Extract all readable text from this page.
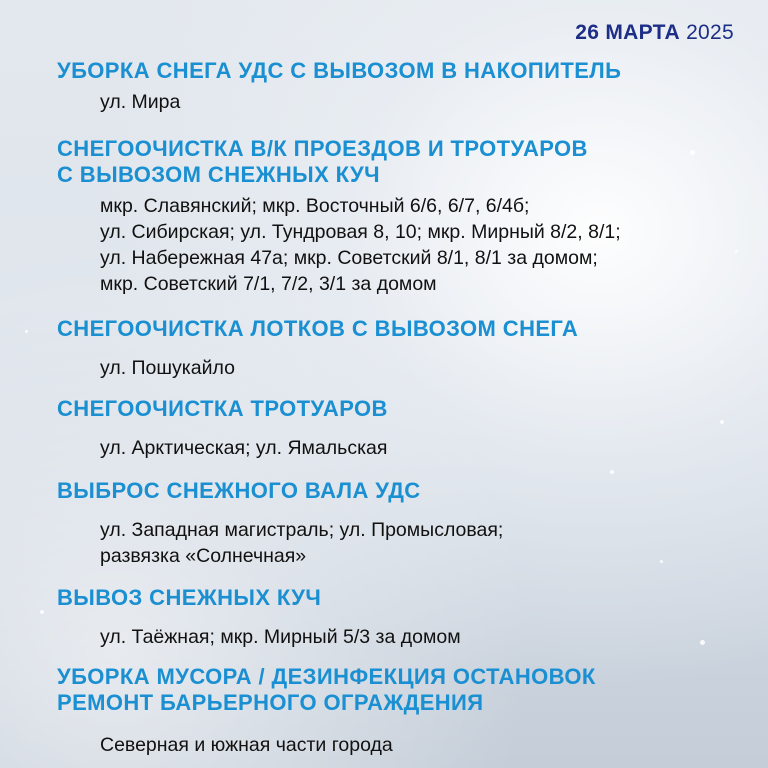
26 МАРТА 2025
УБОРКА СНЕГА УДС С ВЫВОЗОМ В НАКОПИТЕЛЬ
ул. Мира
СНЕГООЧИСТКА В/К ПРОЕЗДОВ И ТРОТУАРОВ
С ВЫВОЗОМ СНЕЖНЫХ КУЧ
мкр. Славянский; мкр. Восточный 6/6, 6/7, 6/4б;
ул. Сибирская; ул. Тундровая 8, 10; мкр. Мирный 8/2, 8/1;
ул. Набережная 47а; мкр. Советский 8/1, 8/1 за домом;
мкр. Советский 7/1, 7/2, 3/1 за домом
СНЕГООЧИСТКА ЛОТКОВ С ВЫВОЗОМ СНЕГА
ул. Пошукайло
СНЕГООЧИСТКА ТРОТУАРОВ
ул. Арктическая; ул. Ямальская
ВЫБРОС СНЕЖНОГО ВАЛА УДС
ул. Западная магистраль; ул. Промысловая;
развязка «Солнечная»
ВЫВОЗ СНЕЖНЫХ КУЧ
ул. Таёжная; мкр. Мирный 5/3 за домом
УБОРКА МУСОРА / ДЕЗИНФЕКЦИЯ ОСТАНОВОК
РЕМОНТ БАРЬЕРНОГО ОГРАЖДЕНИЯ
Северная и южная части города
